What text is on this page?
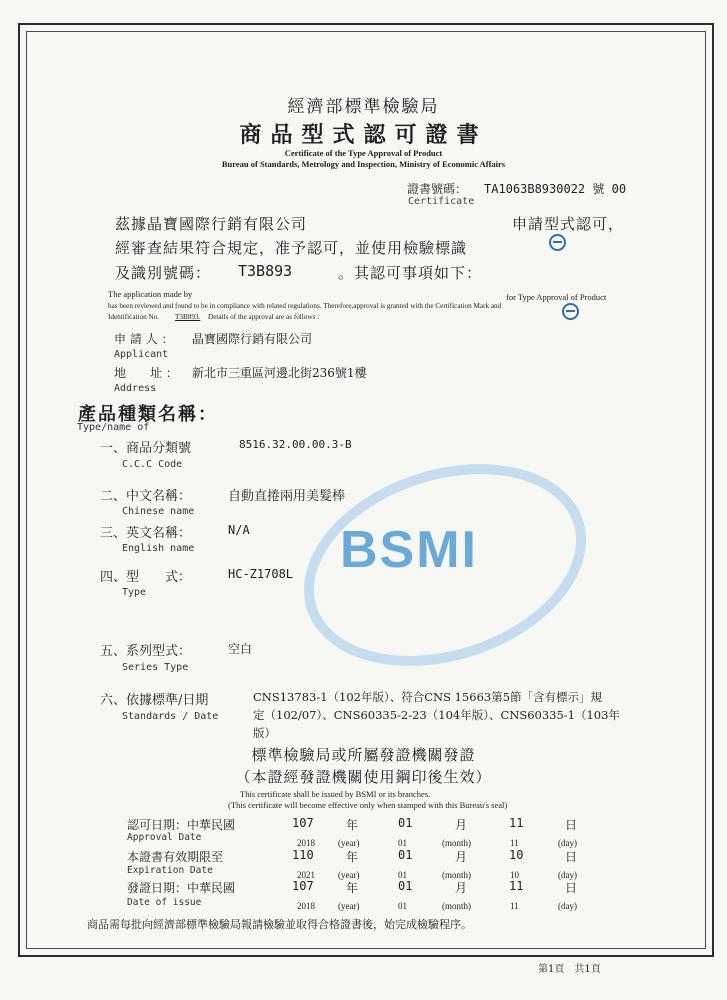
BSMI
經濟部標準檢驗局
商品型式認可證書
Certificate of the Type Approval of Product
Bureau of Standards, Metrology and Inspection, Ministry of Economic Affairs
證書號碼： TA1063B8930022 號 00
Certificate
茲據晶寶國際行銷有限公司	申請型式認可，
經審查結果符合規定，准予認可，並使用檢驗標識
及識別號碼： T3B893	。其認可事項如下：
The application made by	for Type Approval of Product
has been reviewed and found to be in compliance with related regulations. Therefore,approval is granted with the Certification Mark and
Identification No. T3B893. Details of the approval are as follows :
申 請 人 ： 晶寶國際行銷有限公司
Applicant
地　　址 ： 新北市三重區河邊北街236號1樓
Address
產品種類名稱：
Type/name of
一、商品分類號	8516.32.00.00.3-B
C.C.C Code
二、中文名稱：	自動直捲兩用美髮棒
Chinese name
三、英文名稱：	N/A
English name
四、型　　式：	HC-Z1708L
Type
五、系列型式：	空白
Series Type
六、依據標準/日期
Standards / Date
CNS13783-1（102年版）、符合CNS 15663第5節「含有標示」規
定（102/07）、CNS60335-2-23（104年版）、CNS60335-1（103年
版）
標準檢驗局或所屬發證機關發證
（本證經發證機關使用鋼印後生效）
This certificate shall be issued by BSMI or its branches.
(This certificate will become effective only when stamped with this Bureau's seal)
認可日期：中華民國	107	年	01	月	11	日
Approval Date	2018	(year)	01	(month)	11	(day)
本證書有效期限至	110	年	01	月	10	日
Expiration Date	2021	(year)	01	(month)	10	(day)
發證日期：中華民國	107	年	01	月	11	日
Date of issue	2018	(year)	01	(month)	11	(day)
商品需每批向經濟部標準檢驗局報請檢驗並取得合格證書後，始完成檢驗程序。
第1頁　共1頁
